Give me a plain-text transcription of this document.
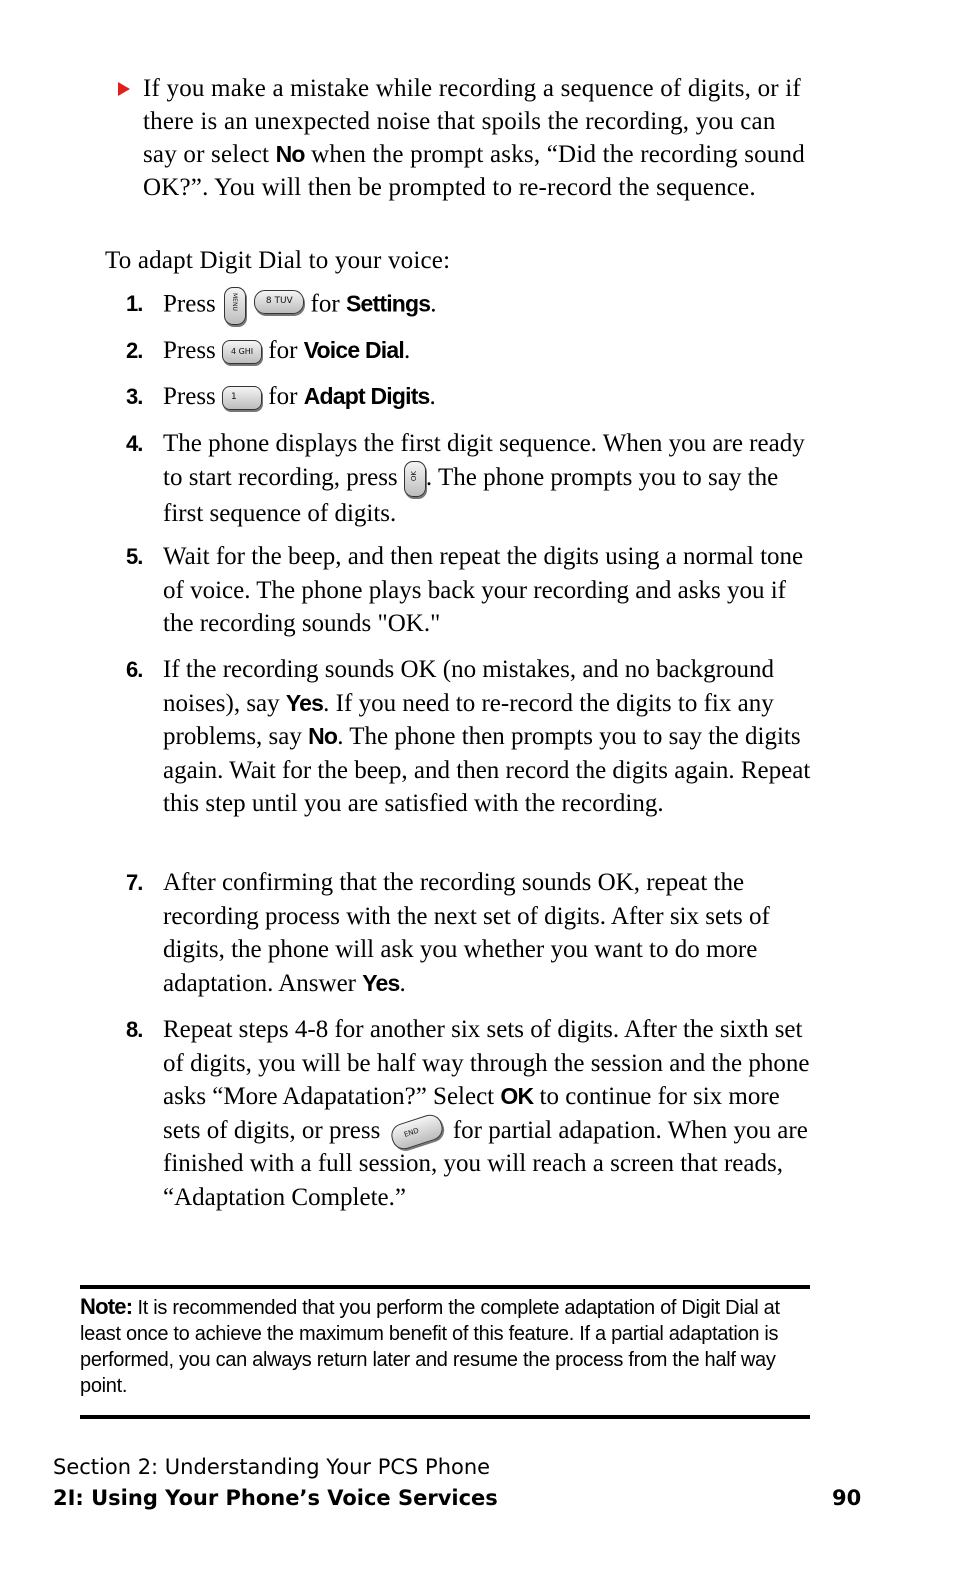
If you make a mistake while recording a sequence of digits, or if there is an unexpected noise that spoils the recording, you can say or select No when the prompt asks, “Did the recording sound OK?”. You will then be prompted to re-record the sequence.
To adapt Digit Dial to your voice:
1. Press	MENU
	8 TUV for Settings.
2. Press	4 GHI for Voice Dial.
3. Press 1 for Adapt Digits.
4. The phone displays the first digit sequence. When you are ready to start recording, press OK . The phone prompts you to say the first sequence of digits.
5. Wait for the beep, and then repeat the digits using a normal tone of voice. The phone plays back your recording and asks you if the recording sounds "OK."
6. If the recording sounds OK (no mistakes, and no background noises), say Yes. If you need to re-record the digits to fix any problems, say No. The phone then prompts you to say the digits again. Wait for the beep, and then record the digits again. Repeat this step until you are satisfied with the recording.
7. After confirming that the recording sounds OK, repeat the recording process with the next set of digits. After six sets of digits, the phone will ask you whether you want to do more adaptation. Answer Yes.
8. Repeat steps 4-8 for another six sets of digits. After the sixth set of digits, you will be half way through the session and the phone asks “More Adapatation?” Select OK to continue for six more sets of digits, or press END for partial adapation. When you are finished with a full session, you will reach a screen that reads, “Adaptation Complete.”
Note: It is recommended that you perform the complete adaptation of Digit Dial at least once to achieve the maximum benefit of this feature. If a partial adaptation is performed, you can always return later and resume the process from the half way point.
Section 2: Understanding Your PCS Phone
2I: Using Your Phone’s Voice Services	90
